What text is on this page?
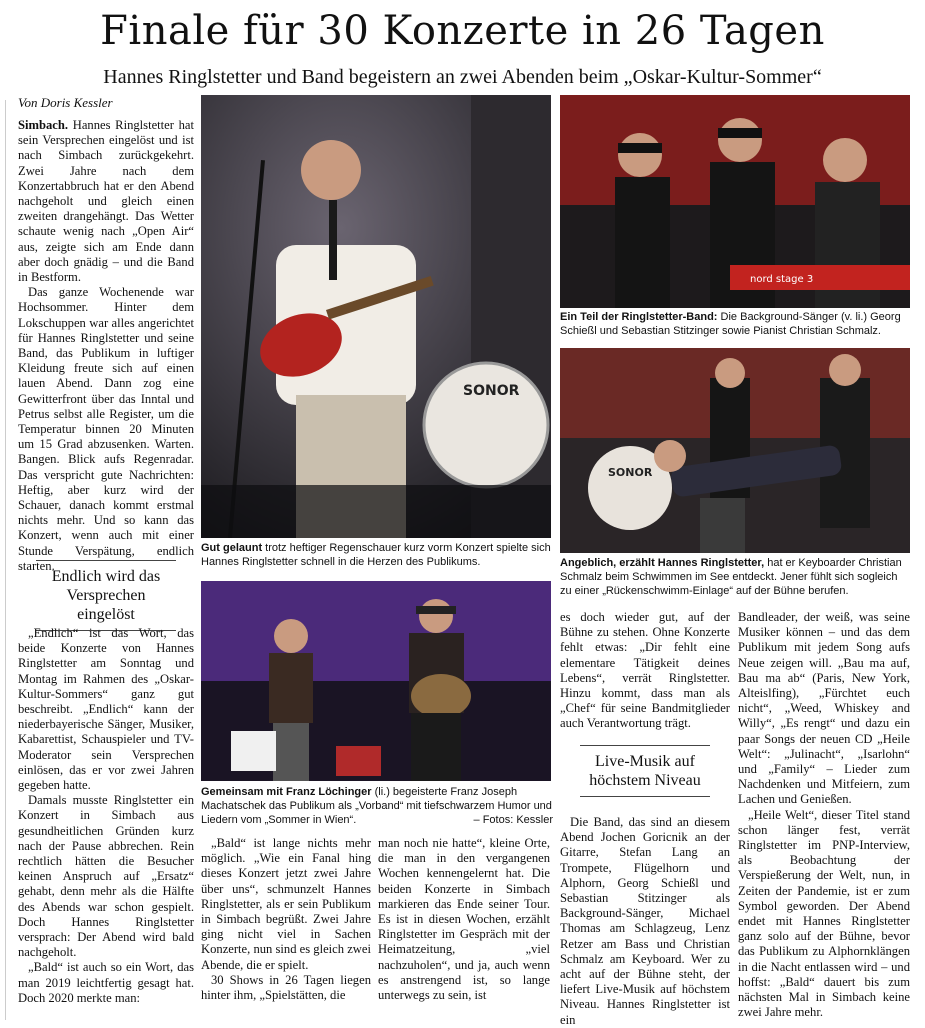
Finale für 30 Konzerte in 26 Tagen
Hannes Ringlstetter und Band begeistern an zwei Abenden beim „Oskar-Kultur-Sommer“
Von Doris Kessler

Simbach. Hannes Ringlstetter hat sein Versprechen eingelöst und ist nach Simbach zurückgekehrt. Zwei Jahre nach dem Konzertabbruch hat er den Abend nachgeholt und gleich einen zweiten drangehängt. Das Wetter schaute wenig nach „Open Air“ aus, zeigte sich am Ende dann aber doch gnädig – und die Band in Bestform.

Das ganze Wochenende war Hochsommer. Hinter dem Lokschuppen war alles angerichtet für Hannes Ringlstetter und seine Band, das Publikum in luftiger Kleidung freute sich auf einen lauen Abend. Dann zog eine Gewitterfront über das Inntal und Petrus selbst alle Register, um die Temperatur binnen 20 Minuten um 15 Grad abzusenken. Warten. Bangen. Blick aufs Regenradar. Das verspricht gute Nachrichten: Heftig, aber kurz wird der Schauer, danach kommt erstmal nichts mehr. Und so kann das Konzert, wenn auch mit einer Stunde Verspätung, endlich starten.

Endlich wird das Versprechen eingelöst

„Endlich“ ist das Wort, das beide Konzerte von Hannes Ringlstetter am Sonntag und Montag im Rahmen des „Oskar-Kultur-Sommers“ ganz gut beschreibt. „Endlich“ kann der niederbayerische Sänger, Musiker, Kabarettist, Schauspieler und TV-Moderator sein Versprechen einlösen, das er vor zwei Jahren gegeben hatte.

Damals musste Ringlstetter ein Konzert in Simbach aus gesundheitlichen Gründen kurz nach der Pause abbrechen. Rein rechtlich hätten die Besucher keinen Anspruch auf „Ersatz“ gehabt, denn mehr als die Hälfte des Abends war schon gespielt. Doch Hannes Ringlstetter versprach: Der Abend wird bald nachgeholt.

„Bald“ ist auch so ein Wort, das man 2019 leichtfertig gesagt hat. Doch 2020 merkte man:

SONOR
Gut gelaunt trotz heftiger Regenschauer kurz vorm Konzert spielte sich Hannes Ringlstetter schnell in die Herzen des Publikums.
nord stage 3
Ein Teil der Ringlstetter-Band: Die Background-Sänger (v. li.) Georg Schießl und Sebastian Stitzinger sowie Pianist Christian Schmalz.
SONOR
Angeblich, erzählt Hannes Ringlstetter, hat er Keyboarder Christian Schmalz beim Schwimmen im See entdeckt. Jener fühlt sich sogleich zu einer „Rückenschwimm-Einlage“ auf der Bühne berufen.
Gemeinsam mit Franz Löchinger (li.) begeisterte Franz Joseph Machatschek das Publikum als „Vorband“ mit tiefschwarzem Humor und Liedern vom „Sommer in Wien“.	– Fotos: Kessler

„Bald“ ist lange nichts mehr möglich. „Wie ein Fanal hing dieses Konzert jetzt zwei Jahre über uns“, schmunzelt Hannes Ringlstetter, als er sein Publikum in Simbach begrüßt. Zwei Jahre ging nicht viel in Sachen Konzerte, nun sind es gleich zwei Abende, die er spielt.

30 Shows in 26 Tagen liegen hinter ihm, „Spielstätten, die

man noch nie hatte“, kleine Orte, die man in den vergangenen Wochen kennengelernt hat. Die beiden Konzerte in Simbach markieren das Ende seiner Tour. Es ist in diesen Wochen, erzählt Ringlstetter im Gespräch mit der Heimatzeitung, „viel nachzuholen“, und ja, auch wenn es anstrengend ist, so lange unterwegs zu sein, ist

es doch wieder gut, auf der Bühne zu stehen. Ohne Konzerte fehlt etwas: „Dir fehlt eine elementare Tätigkeit deines Lebens“, verrät Ringlstetter. Hinzu kommt, dass man als „Chef“ für seine Bandmitglieder auch Verantwortung trägt.

Live-Musik auf höchstem Niveau

Die Band, das sind an diesem Abend Jochen Goricnik an der Gitarre, Stefan Lang an Trompete, Flügelhorn und Alphorn, Georg Schießl und Sebastian Stitzinger als Background-Sänger, Michael Thomas am Schlagzeug, Lenz Retzer am Bass und Christian Schmalz am Keyboard. Wer zu acht auf der Bühne steht, der liefert Live-Musik auf höchstem Niveau. Hannes Ringlstetter ist ein

Bandleader, der weiß, was seine Musiker können – und das dem Publikum mit jedem Song aufs Neue zeigen will. „Bau ma auf, Bau ma ab“ (Paris, New York, Alteislfing), „Fürchtet euch nicht“, „Weed, Whiskey and Willy“, „Es rengt“ und dazu ein paar Songs der neuen CD „Heile Welt“: „Julinacht“, „Isarlohn“ und „Family“ – Lieder zum Nachdenken und Mitfeiern, zum Lachen und Genießen.

„Heile Welt“, dieser Titel stand schon länger fest, verrät Ringlstetter im PNP-Interview, als Beobachtung der Verspießerung der Welt, nun, in Zeiten der Pandemie, ist er zum Symbol geworden. Der Abend endet mit Hannes Ringlstetter ganz solo auf der Bühne, bevor das Publikum zu Alphornklängen in die Nacht entlassen wird – und hoffst: „Bald“ dauert bis zum nächsten Mal in Simbach keine zwei Jahre mehr.
